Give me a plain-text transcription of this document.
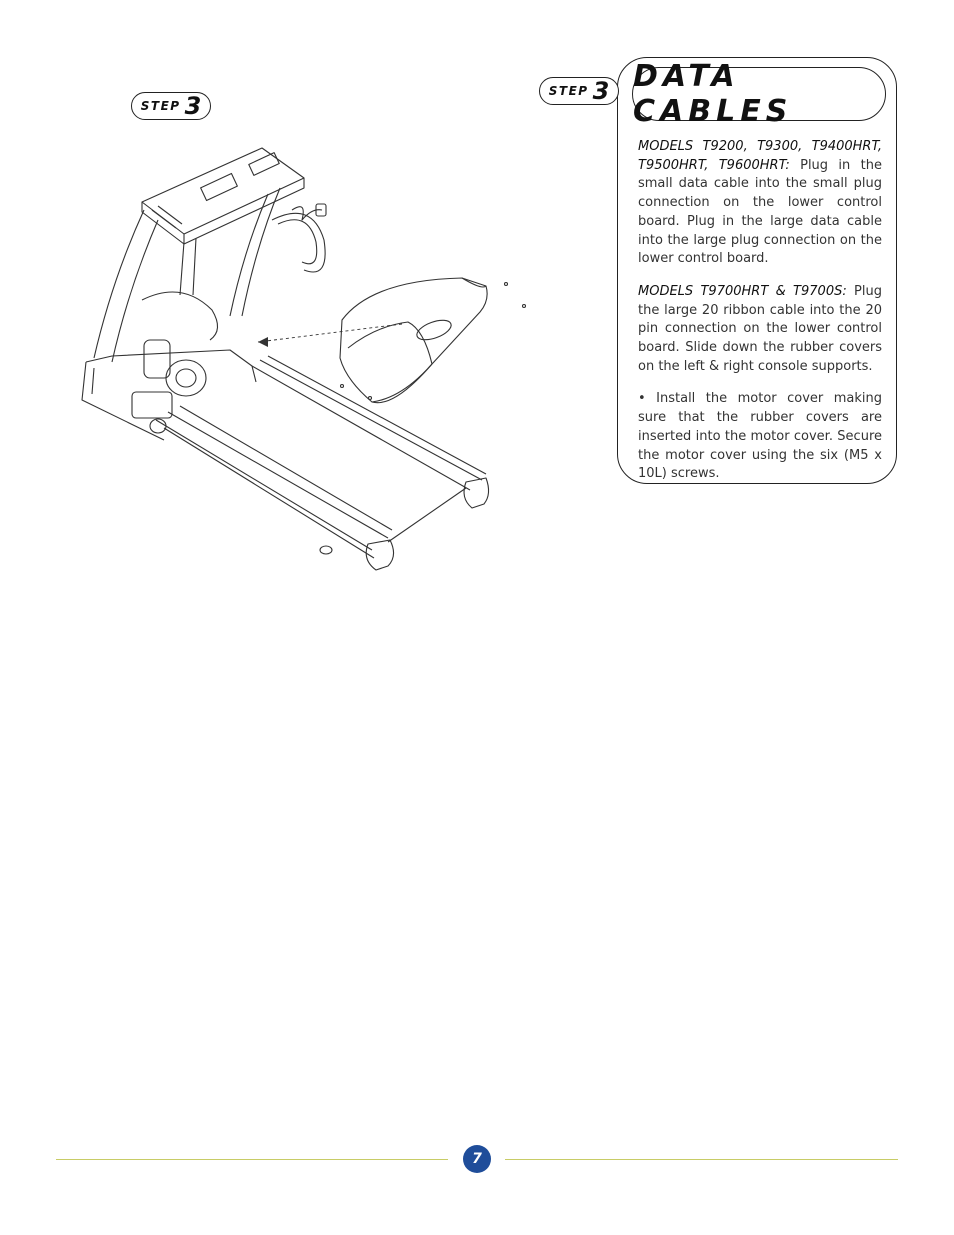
STEP 3
STEP 3 DATA CABLES

MODELS T9200, T9300, T9400HRT, T9500HRT, T9600HRT: Plug in the small data cable into the small plug connection on the lower control board. Plug in the large data cable into the large plug connection on the lower control board.

MODELS T9700HRT & T9700S: Plug the large 20 ribbon cable into the 20 pin connection on the lower control board. Slide down the rubber covers on the left & right console supports.

• Install the motor cover making sure that the rubber covers are inserted into the motor cover. Secure the motor cover using the six (M5 x 10L) screws.

7
